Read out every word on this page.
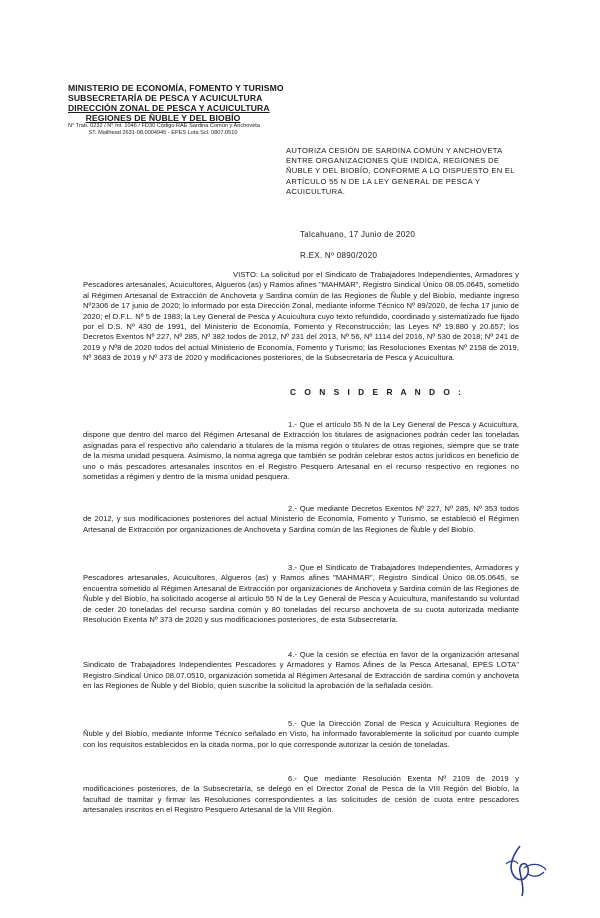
MINISTERIO DE ECONOMÍA, FOMENTO Y TURISMO
SUBSECRETARÍA DE PESCA Y ACUICULTURA
DIRECCIÓN ZONAL DE PESCA Y ACUICULTURA
REGIONES DE ÑUBLE Y DEL BIOBÍO
N° Trab. 0232 / N° Int. 1046 / FD30 Código RAE Sardina Común y Anchoveta
ST. Mailhead 2631-08.0004945 - EPES Lota Scl. 0807.0510
AUTORIZA CESIÓN DE SARDINA COMÚN Y ANCHOVETA ENTRE ORGANIZACIONES QUE INDICA, REGIONES DE ÑUBLE Y DEL BIOBÍO, CONFORME A LO DISPUESTO EN EL ARTÍCULO 55 N DE LA LEY GENERAL DE PESCA Y ACUICULTURA.
Talcahuano, 17 Junio de 2020
R.EX. Nº 0890/2020
VISTO: La solicitud por el Sindicato de Trabajadores Independientes, Armadores y Pescadores artesanales, Acuicultores, Algueros (as) y Ramos afines "MAHMAR", Registro Sindical Único 08.05.0645, sometido al Régimen Artesanal de Extracción de Anchoveta y Sardina común de las Regiones de Ñuble y del Biobío, mediante ingreso Nº2306 de 17 junio de 2020; lo informado por esta Dirección Zonal, mediante informe Técnico Nº 89/2020, de fecha 17 junio de 2020; el D.F.L. Nº 5 de 1983; la Ley General de Pesca y Acuicultura cuyo texto refundido, coordinado y sistematizado fue fijado por el D.S. Nº 430 de 1991, del Ministerio de Economía, Fomento y Reconstrucción; las Leyes Nº 19.880 y 20.657; los Decretos Exentos Nº 227, Nº 285, Nº 382 todos de 2012, Nº 231 del 2013, Nº 56, Nº 1114 del 2016, Nº 530 de 2018; Nº 241 de 2019 y Nº8 de 2020 todos del actual Ministerio de Economía, Fomento y Turismo; las Resoluciones Exentas Nº 2158 de 2019, Nº 3683 de 2019 y Nº 373 de 2020 y modificaciones posteriores, de la Subsecretaría de Pesca y Acuicultura.
C O N S I D E R A N D O :
1.- Que el artículo 55 N de la Ley General de Pesca y Acuicultura, dispone que dentro del marco del Régimen Artesanal de Extracción los titulares de asignaciones podrán ceder las toneladas asignadas para el respectivo año calendario a titulares de la misma región o titulares de otras regiones, siempre que se trate de la misma unidad pesquera. Asimismo, la norma agrega que también se podrán celebrar estos actos jurídicos en beneficio de uno o más pescadores artesanales inscritos en el Registro Pesquero Artesanal en el recurso respectivo en regiones no sometidas a régimen y dentro de la misma unidad pesquera.
2.- Que mediante Decretos Exentos Nº 227, Nº 285, Nº 353 todos de 2012, y sus modificaciones posteriores del actual Ministerio de Economía, Fomento y Turismo, se estableció el Régimen Artesanal de Extracción por organizaciones de Anchoveta y Sardina común de las Regiones de Ñuble y del Biobío.
3.- Que el Sindicato de Trabajadores Independientes, Armadores y Pescadores artesanales, Acuicultores, Algueros (as) y Ramos afines "MAHMAR", Registro Sindical Único 08.05.0645, se encuentra sometido al Régimen Artesanal de Extracción por organizaciones de Anchoveta y Sardina común de las Regiones de Ñuble y del Biobío, ha solicitado acogerse al artículo 55 N de la Ley General de Pesca y Acuicultura, manifestando su voluntad de ceder 20 toneladas del recurso sardina común y 80 toneladas del recurso anchoveta de su cuota autorizada mediante Resolución Exenta Nº 373 de 2020 y sus modificaciones posteriores, de esta Subsecretaría.
4.- Que la cesión se efectúa en favor de la organización artesanal Sindicato de Trabajadores Independientes Pescadores y Armadores y Ramos Afines de la Pesca Artesanal, EPES LOTA" Registro Sindical Único 08.07.0510, organización sometida al Régimen Artesanal de Extracción de sardina común y anchoveta en las Regiones de Ñuble y del Biobío, quien suscribe la solicitud la aprobación de la señalada cesión.
5.- Que la Dirección Zonal de Pesca y Acuicultura Regiones de Ñuble y del Biobío, mediante Informe Técnico señalado en Visto, ha informado favorablemente la solicitud por cuanto cumple con los requisitos establecidos en la citada norma, por lo que corresponde autorizar la cesión de toneladas.
6.- Que mediante Resolución Exenta Nº 2109 de 2019 y modificaciones posteriores, de la Subsecretaría, se delegó en el Director Zonal de Pesca de la VIII Región del Biobío, la facultad de tramitar y firmar las Resoluciones correspondientes a las solicitudes de cesión de cuota entre pescadores artesanales inscritos en el Registro Pesquero Artesanal de la VIII Región.
